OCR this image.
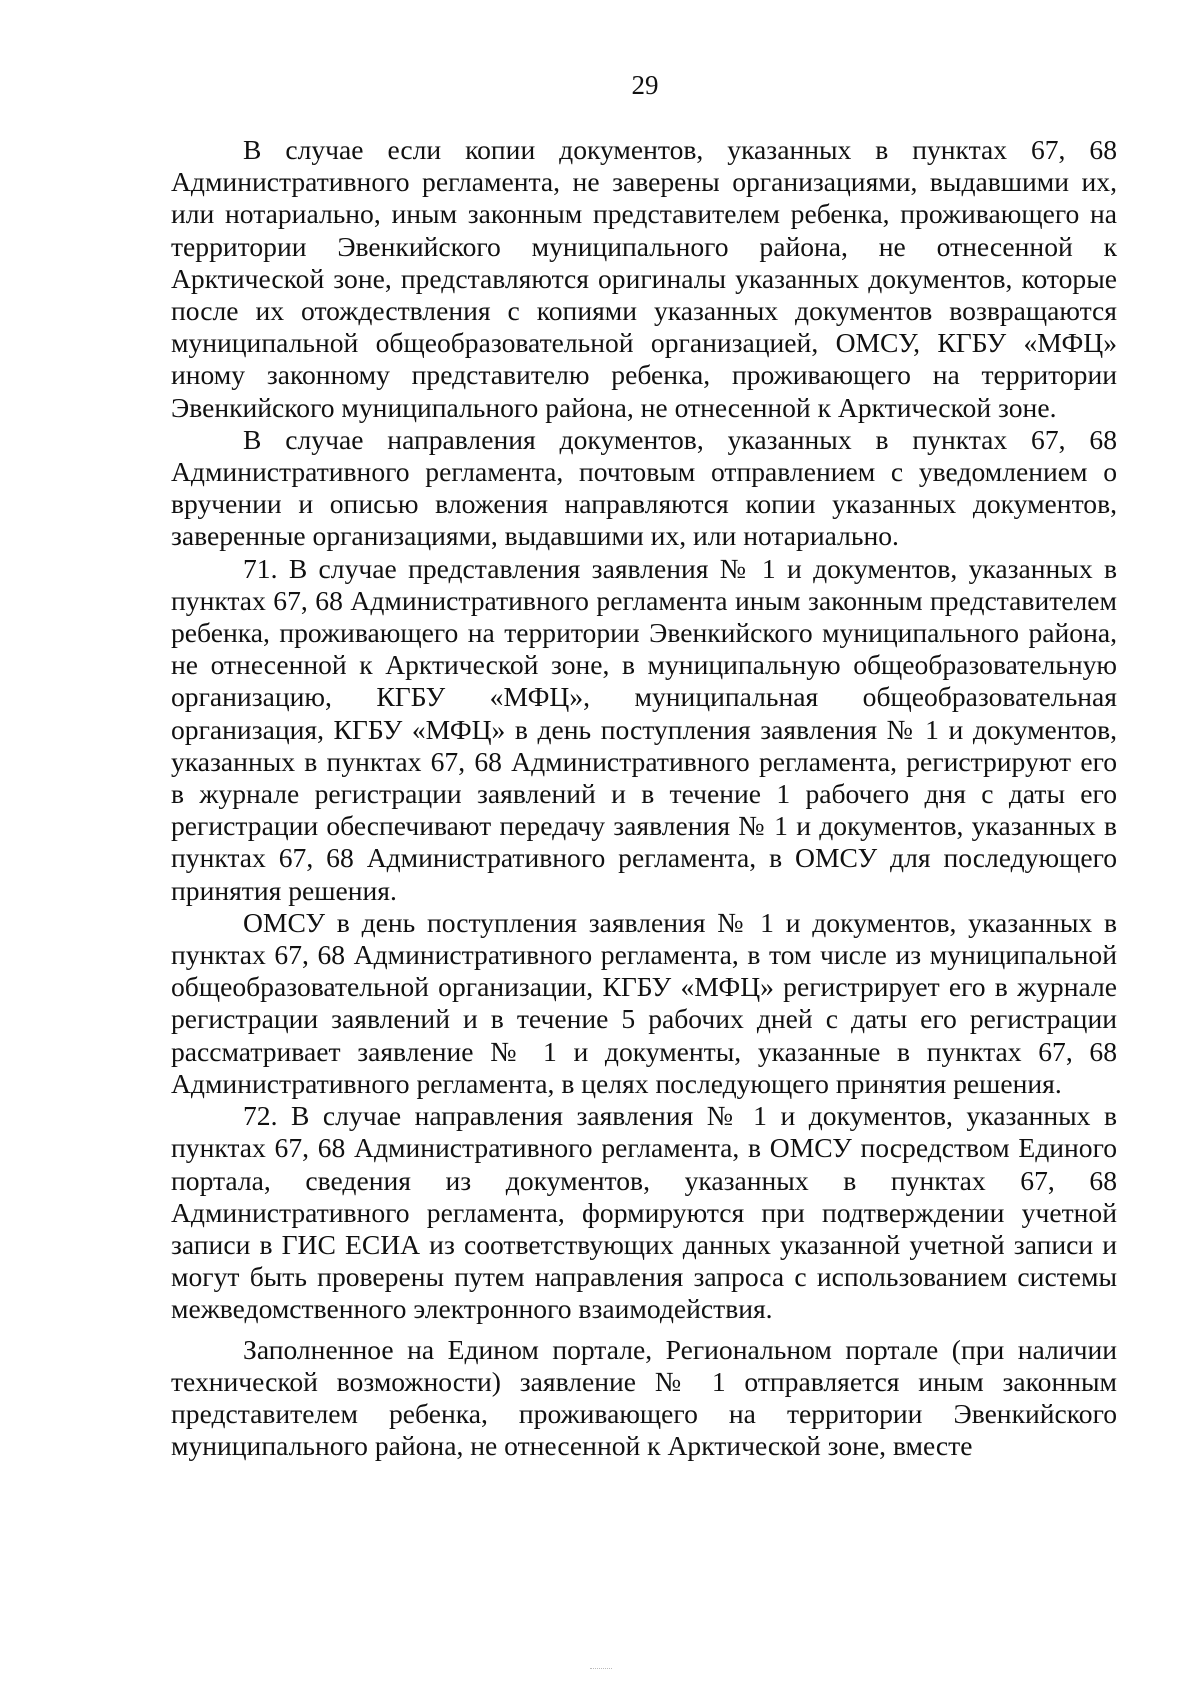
29

В случае если копии документов, указанных в пунктах 67, 68 Административного регламента, не заверены организациями, выдавшими их, или нотариально, иным законным представителем ребенка, проживающего на территории Эвенкийского муниципального района, не отнесенной к Арктической зоне, представляются оригиналы указанных документов, которые после их отождествления с копиями указанных документов возвращаются муниципальной общеобразовательной организацией, ОМСУ, КГБУ «МФЦ» иному законному представителю ребенка, проживающего на территории Эвенкийского муниципального района, не отнесенной к Арктической зоне.

В случае направления документов, указанных в пунктах 67, 68 Административного регламента, почтовым отправлением с уведомлением о вручении и описью вложения направляются копии указанных документов, заверенные организациями, выдавшими их, или нотариально.

71. В случае представления заявления № 1 и документов, указанных в пунктах 67, 68 Административного регламента иным законным представителем ребенка, проживающего на территории Эвенкийского муниципального района, не отнесенной к Арктической зоне, в муниципальную общеобразовательную организацию, КГБУ «МФЦ», муниципальная общеобразовательная организация, КГБУ «МФЦ» в день поступления заявления № 1 и документов, указанных в пунктах 67, 68 Административного регламента, регистрируют его в журнале регистрации заявлений и в течение 1 рабочего дня с даты его регистрации обеспечивают передачу заявления № 1 и документов, указанных в пунктах 67, 68 Административного регламента, в ОМСУ для последующего принятия решения.

ОМСУ в день поступления заявления № 1 и документов, указанных в пунктах 67, 68 Административного регламента, в том числе из муниципальной общеобразовательной организации, КГБУ «МФЦ» регистрирует его в журнале регистрации заявлений и в течение 5 рабочих дней с даты его регистрации рассматривает заявление № 1 и документы, указанные в пунктах 67, 68 Административного регламента, в целях последующего принятия решения.

72. В случае направления заявления № 1 и документов, указанных в пунктах 67, 68 Административного регламента, в ОМСУ посредством Единого портала, сведения из документов, указанных в пунктах 67, 68 Административного регламента, формируются при подтверждении учетной записи в ГИС ЕСИА из соответствующих данных указанной учетной записи и могут быть проверены путем направления запроса с использованием системы межведомственного электронного взаимодействия.

Заполненное на Едином портале, Региональном портале (при наличии технической возможности) заявление № 1 отправляется иным законным представителем ребенка, проживающего на территории Эвенкийского муниципального района, не отнесенной к Арктической зоне, вместе
